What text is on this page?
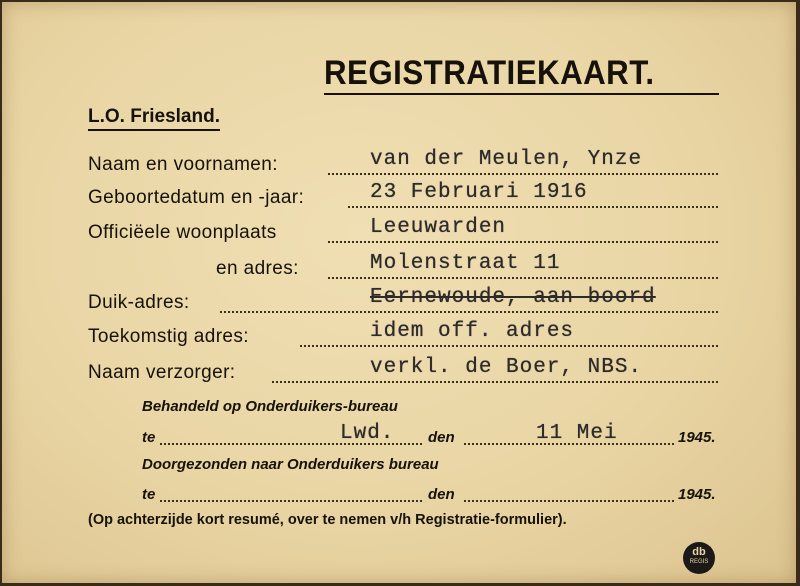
REGISTRATIEKAART.
L.O. Friesland.
Naam en voornamen:	van der Meulen, Ynze
Geboortedatum en -jaar:	23 Februari 1916
Officiëele woonplaats	Leeuwarden
en adres:	Molenstraat 11
Duik-adres:	Eernewoude, aan boord
Toekomstig adres:	idem off. adres
Naam verzorger:	verkl. de Boer, NBS.
Behandeld op Onderduikers-bureau
te	Lwd. den	11 Mei	1945.
Doorgezonden naar Onderduikers bureau
te	den	1945.
(Op achterzijde kort resumé, over te nemen v/h Registratie-formulier).
db
REGIS
